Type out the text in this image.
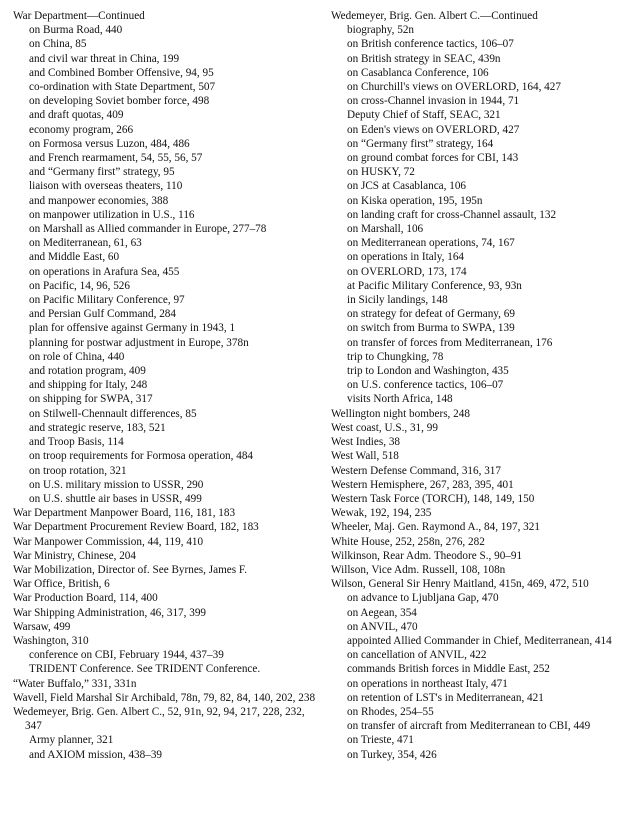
War Department—Continued
on Burma Road, 440
on China, 85
and civil war threat in China, 199
and Combined Bomber Offensive, 94, 95
co-ordination with State Department, 507
on developing Soviet bomber force, 498
and draft quotas, 409
economy program, 266
on Formosa versus Luzon, 484, 486
and French rearmament, 54, 55, 56, 57
and “Germany first” strategy, 95
liaison with overseas theaters, 110
and manpower economies, 388
on manpower utilization in U.S., 116
on Marshall as Allied commander in Europe, 277–78
on Mediterranean, 61, 63
and Middle East, 60
on operations in Arafura Sea, 455
on Pacific, 14, 96, 526
on Pacific Military Conference, 97
and Persian Gulf Command, 284
plan for offensive against Germany in 1943, 1
planning for postwar adjustment in Europe, 378n
on role of China, 440
and rotation program, 409
and shipping for Italy, 248
on shipping for SWPA, 317
on Stilwell-Chennault differences, 85
and strategic reserve, 183, 521
and Troop Basis, 114
on troop requirements for Formosa operation, 484
on troop rotation, 321
on U.S. military mission to USSR, 290
on U.S. shuttle air bases in USSR, 499
War Department Manpower Board, 116, 181, 183
War Department Procurement Review Board, 182, 183
War Manpower Commission, 44, 119, 410
War Ministry, Chinese, 204
War Mobilization, Director of. See Byrnes, James F.
War Office, British, 6
War Production Board, 114, 400
War Shipping Administration, 46, 317, 399
Warsaw, 499
Washington, 310
conference on CBI, February 1944, 437–39
TRIDENT Conference. See TRIDENT Conference.
“Water Buffalo,” 331, 331n
Wavell, Field Marshal Sir Archibald, 78n, 79, 82, 84, 140, 202, 238
Wedemeyer, Brig. Gen. Albert C., 52, 91n, 92, 94, 217, 228, 232, 347
Army planner, 321
and AXIOM mission, 438–39
Wedemeyer, Brig. Gen. Albert C.—Continued
biography, 52n
on British conference tactics, 106–07
on British strategy in SEAC, 439n
on Casablanca Conference, 106
on Churchill's views on OVERLORD, 164, 427
on cross-Channel invasion in 1944, 71
Deputy Chief of Staff, SEAC, 321
on Eden's views on OVERLORD, 427
on “Germany first” strategy, 164
on ground combat forces for CBI, 143
on HUSKY, 72
on JCS at Casablanca, 106
on Kiska operation, 195, 195n
on landing craft for cross-Channel assault, 132
on Marshall, 106
on Mediterranean operations, 74, 167
on operations in Italy, 164
on OVERLORD, 173, 174
at Pacific Military Conference, 93, 93n
in Sicily landings, 148
on strategy for defeat of Germany, 69
on switch from Burma to SWPA, 139
on transfer of forces from Mediterranean, 176
trip to Chungking, 78
trip to London and Washington, 435
on U.S. conference tactics, 106–07
visits North Africa, 148
Wellington night bombers, 248
West coast, U.S., 31, 99
West Indies, 38
West Wall, 518
Western Defense Command, 316, 317
Western Hemisphere, 267, 283, 395, 401
Western Task Force (TORCH), 148, 149, 150
Wewak, 192, 194, 235
Wheeler, Maj. Gen. Raymond A., 84, 197, 321
White House, 252, 258n, 276, 282
Wilkinson, Rear Adm. Theodore S., 90–91
Willson, Vice Adm. Russell, 108, 108n
Wilson, General Sir Henry Maitland, 415n, 469, 472, 510
on advance to Ljubljana Gap, 470
on Aegean, 354
on ANVIL, 470
appointed Allied Commander in Chief, Mediterranean, 414
on cancellation of ANVIL, 422
commands British forces in Middle East, 252
on operations in northeast Italy, 471
on retention of LST's in Mediterranean, 421
on Rhodes, 254–55
on transfer of aircraft from Mediterranean to CBI, 449
on Trieste, 471
on Turkey, 354, 426
